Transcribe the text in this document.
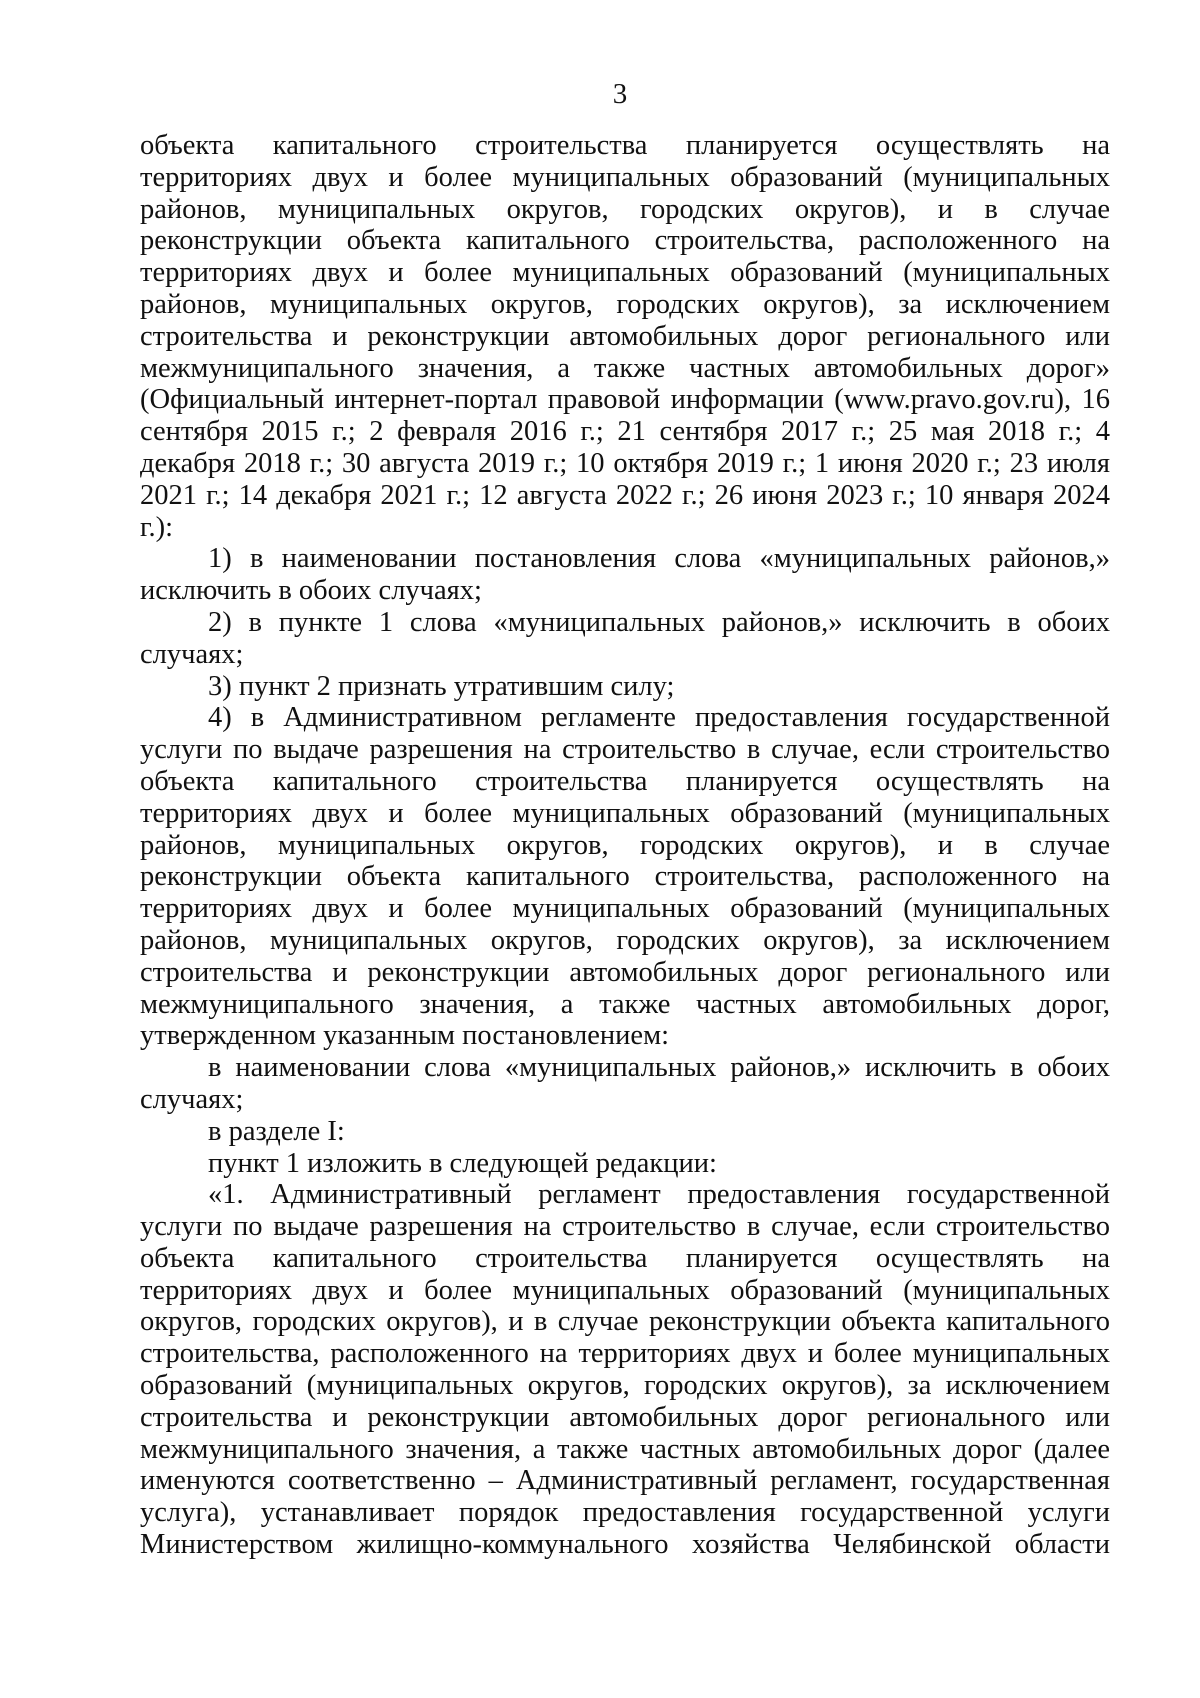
3

объекта капитального строительства планируется осуществлять на территориях двух и более муниципальных образований (муниципальных районов, муниципальных округов, городских округов), и в случае реконструкции объекта капитального строительства, расположенного на территориях двух и более муниципальных образований (муниципальных районов, муниципальных округов, городских округов), за исключением строительства и реконструкции автомобильных дорог регионального или межмуниципального значения, а также частных автомобильных дорог» (Официальный интернет-портал правовой информации (www.pravo.gov.ru), 16 сентября 2015 г.; 2 февраля 2016 г.; 21 сентября 2017 г.; 25 мая 2018 г.; 4 декабря 2018 г.; 30 августа 2019 г.; 10 октября 2019 г.; 1 июня 2020 г.; 23 июля 2021 г.; 14 декабря 2021 г.; 12 августа 2022 г.; 26 июня 2023 г.; 10 января 2024 г.):

1) в наименовании постановления слова «муниципальных районов,» исключить в обоих случаях;

2) в пункте 1 слова «муниципальных районов,» исключить в обоих случаях;

3) пункт 2 признать утратившим силу;

4) в Административном регламенте предоставления государственной услуги по выдаче разрешения на строительство в случае, если строительство объекта капитального строительства планируется осуществлять на территориях двух и более муниципальных образований (муниципальных районов, муниципальных округов, городских округов), и в случае реконструкции объекта капитального строительства, расположенного на территориях двух и более муниципальных образований (муниципальных районов, муниципальных округов, городских округов), за исключением строительства и реконструкции автомобильных дорог регионального или межмуниципального значения, а также частных автомобильных дорог, утвержденном указанным постановлением:

в наименовании слова «муниципальных районов,» исключить в обоих случаях;

в разделе I:

пункт 1 изложить в следующей редакции:

«1. Административный регламент предоставления государственной услуги по выдаче разрешения на строительство в случае, если строительство объекта капитального строительства планируется осуществлять на территориях двух и более муниципальных образований (муниципальных округов, городских округов), и в случае реконструкции объекта капитального строительства, расположенного на территориях двух и более муниципальных образований (муниципальных округов, городских округов), за исключением строительства и реконструкции автомобильных дорог регионального или межмуниципального значения, а также частных автомобильных дорог (далее именуются соответственно – Административный регламент, государственная услуга), устанавливает порядок предоставления государственной услуги Министерством жилищно-коммунального хозяйства Челябинской области
